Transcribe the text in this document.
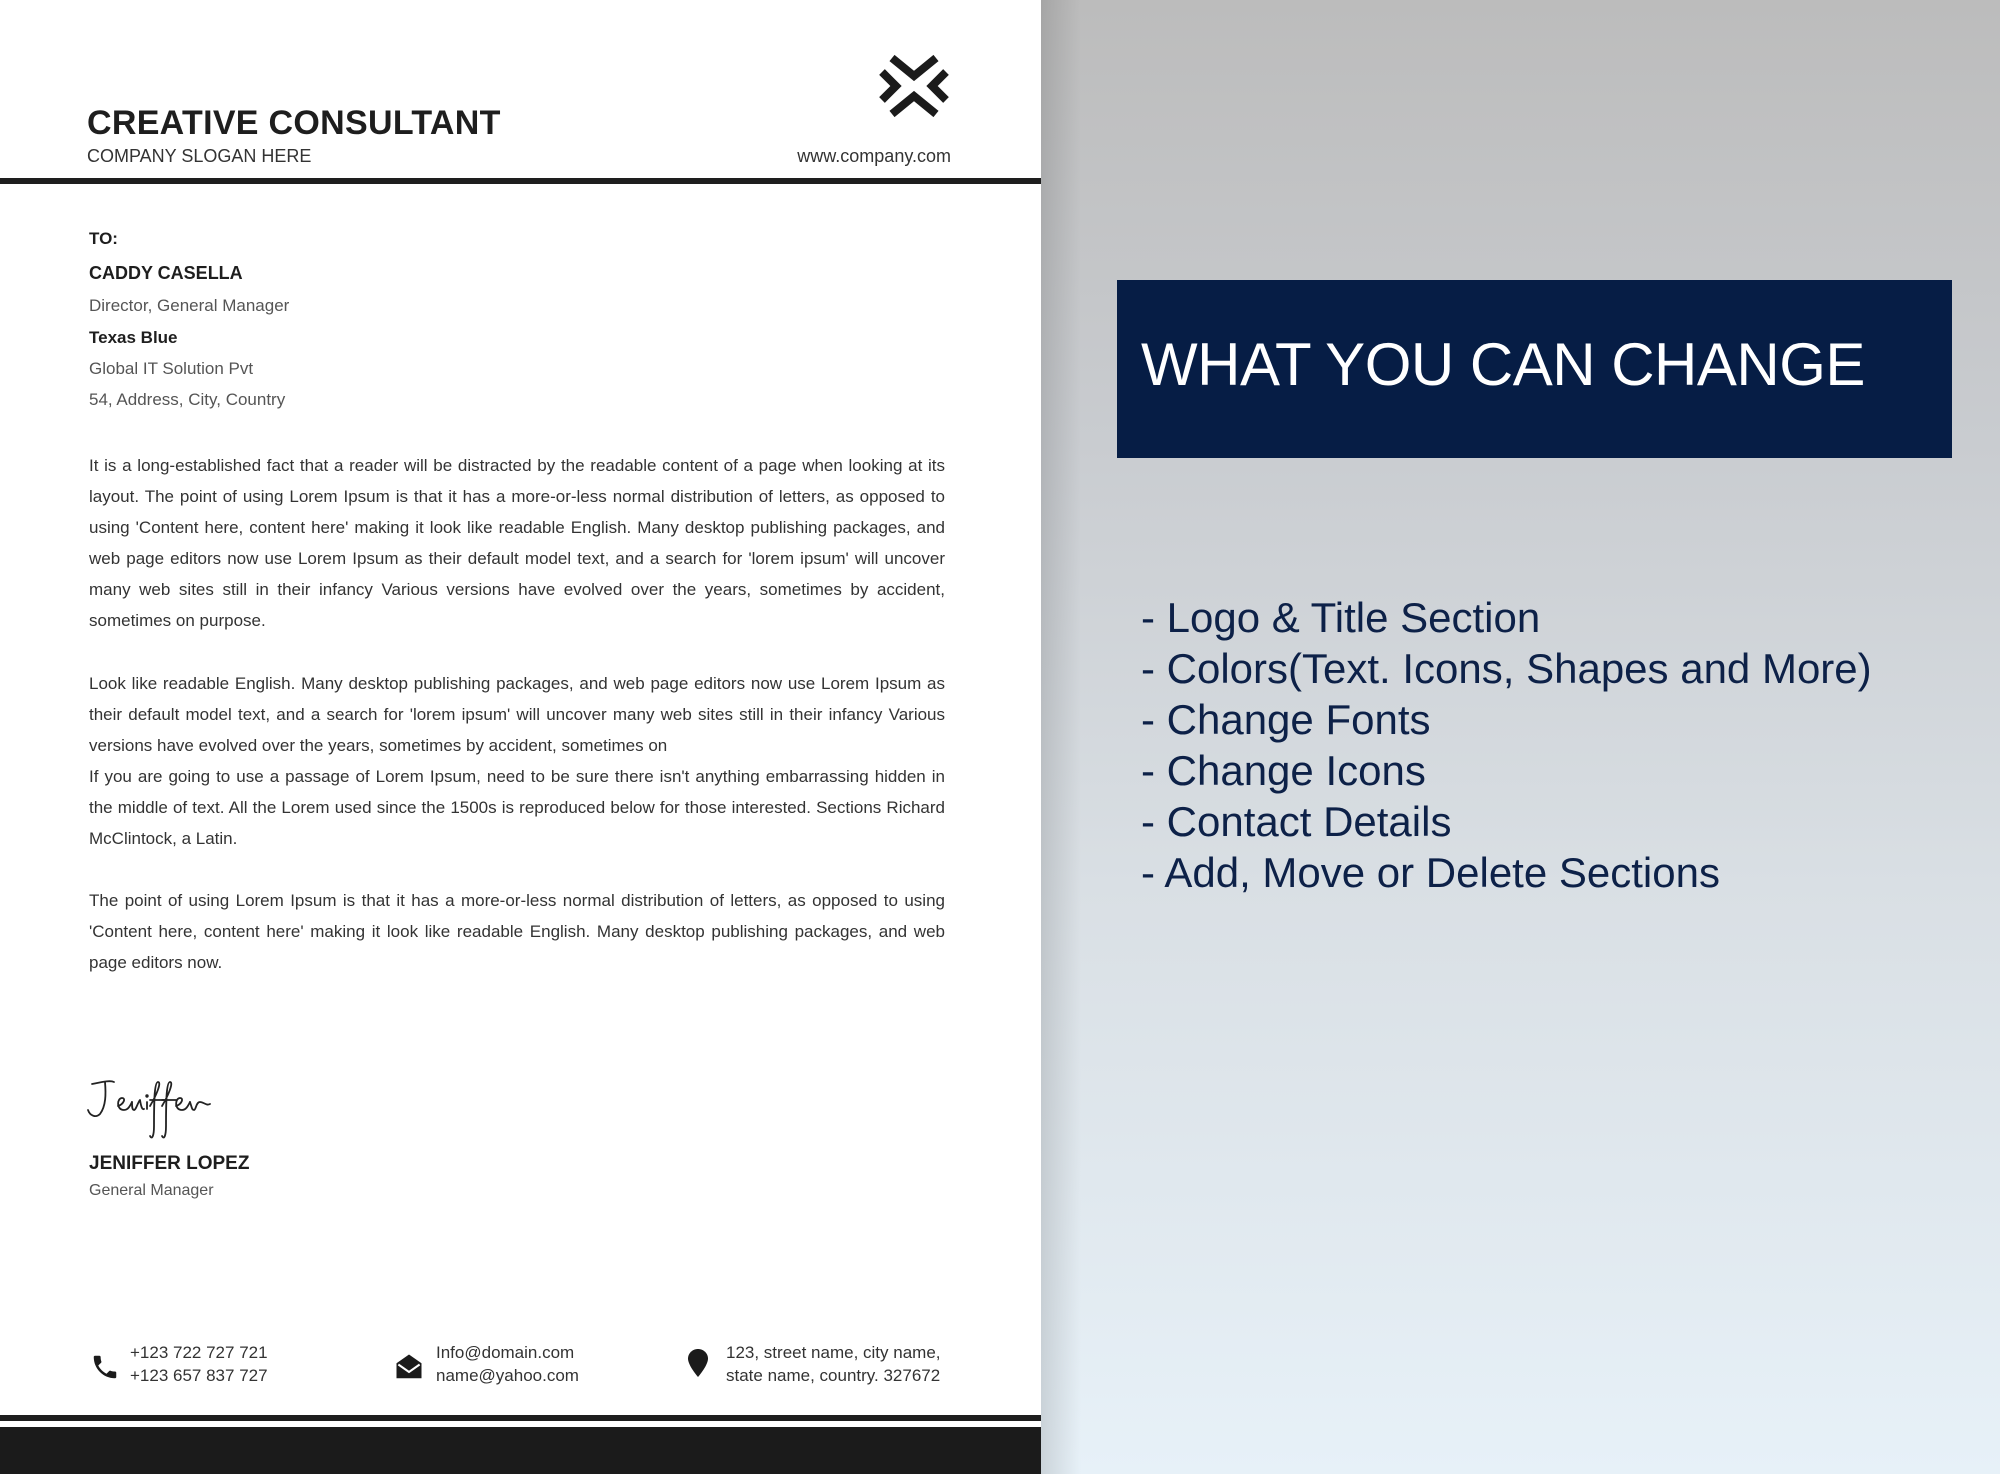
CREATIVE CONSULTANT
COMPANY SLOGAN HERE	www.company.com
TO:
CADDY CASELLA
Director, General Manager
Texas Blue
Global IT Solution Pvt
54, Address, City, Country

It is a long-established fact that a reader will be distracted by the readable content of a page when looking at its layout. The point of using Lorem Ipsum is that it has a more-or-less normal distribution of letters, as opposed to using 'Content here, content here' making it look like readable English. Many desktop publishing packages, and web page editors now use Lorem Ipsum as their default model text, and a search for 'lorem ipsum' will uncover many web sites still in their infancy Various versions have evolved over the years, sometimes by accident, sometimes on purpose.

Look like readable English. Many desktop publishing packages, and web page editors now use Lorem Ipsum as their default model text, and a search for 'lorem ipsum' will uncover many web sites still in their infancy Various versions have evolved over the years, sometimes by accident, sometimes on
If you are going to use a passage of Lorem Ipsum, need to be sure there isn't anything embarrassing hidden in the middle of text. All the Lorem used since the 1500s is reproduced below for those interested. Sections Richard McClintock, a Latin.

The point of using Lorem Ipsum is that it has a more-or-less normal distribution of letters, as opposed to using 'Content here, content here' making it look like readable English. Many desktop publishing packages, and web page editors now.

JENIFFER LOPEZ
General Manager
+123 722 727 721
+123 657 837 727
Info@domain.com
name@yahoo.com
123, street name, city name,
state name, country. 327672
WHAT YOU CAN CHANGE
- Logo & Title Section
- Colors(Text. Icons, Shapes and More)
- Change Fonts
- Change Icons
- Contact Details
- Add, Move or Delete Sections
